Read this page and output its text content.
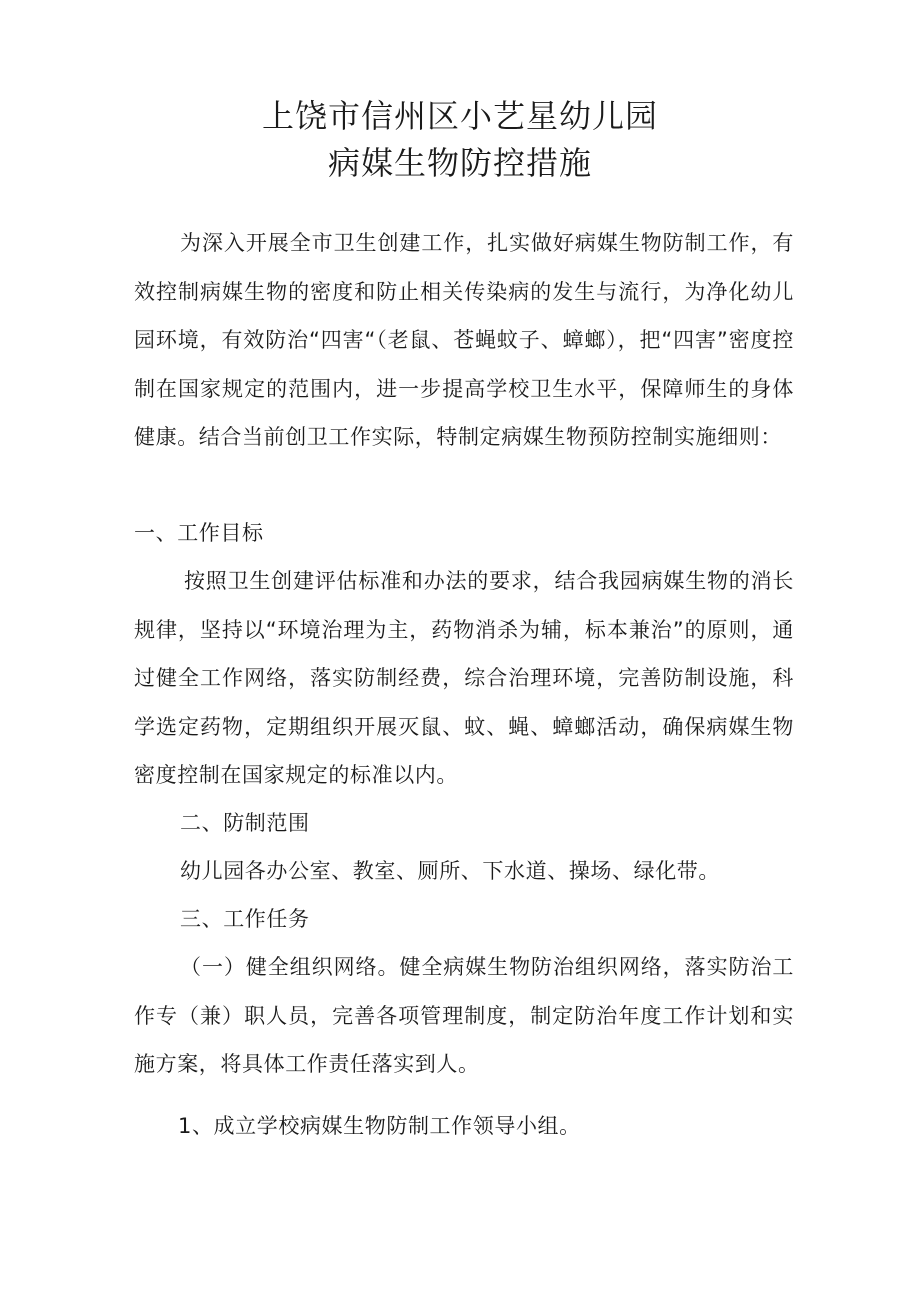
上饶市信州区小艺星幼儿园
病媒生物防控措施
为深入开展全市卫生创建工作，扎实做好病媒生物防制工作，有效控制病媒生物的密度和防止相关传染病的发生与流行，为净化幼儿园环境，有效防治“四害“（老鼠、苍蝇蚊子、蟑螂），把“四害”密度控制在国家规定的范围内，进一步提高学校卫生水平，保障师生的身体健康。结合当前创卫工作实际，特制定病媒生物预防控制实施细则：
一、工作目标
按照卫生创建评估标准和办法的要求，结合我园病媒生物的消长规律，坚持以“环境治理为主，药物消杀为辅，标本兼治”的原则，通过健全工作网络，落实防制经费，综合治理环境，完善防制设施，科学选定药物，定期组织开展灭鼠、蚊、蝇、蟑螂活动，确保病媒生物密度控制在国家规定的标准以内。
二、防制范围
幼儿园各办公室、教室、厕所、下水道、操场、绿化带。
三、工作任务
（一）健全组织网络。健全病媒生物防治组织网络，落实防治工作专（兼）职人员，完善各项管理制度，制定防治年度工作计划和实施方案，将具体工作责任落实到人。
1、成立学校病媒生物防制工作领导小组。
